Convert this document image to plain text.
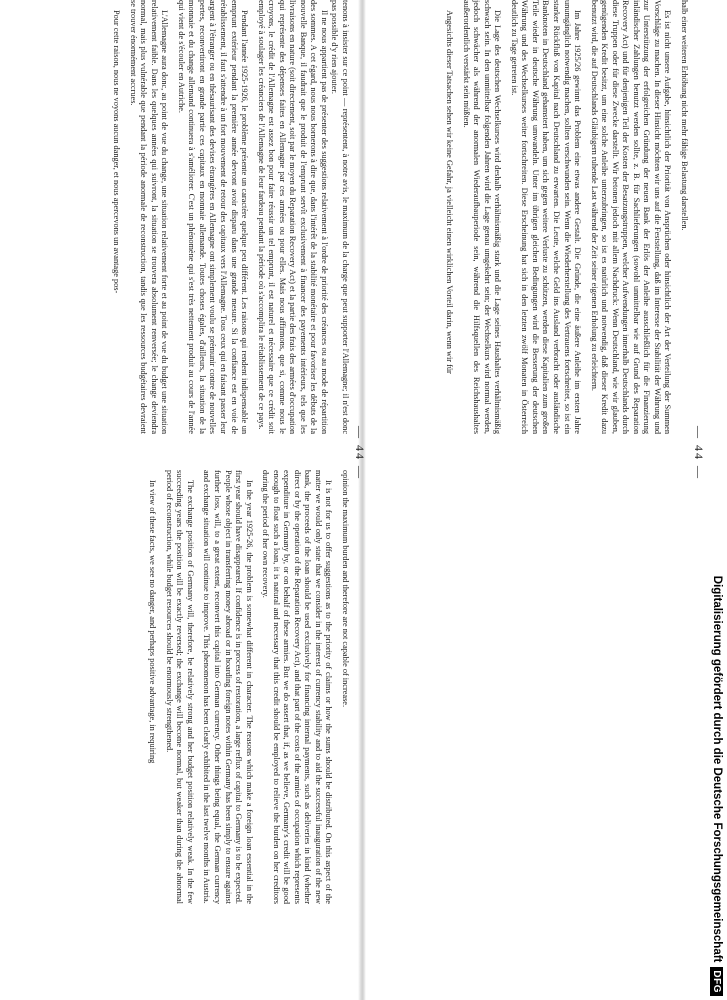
— 44 —

tenons à insister sur ce point — représentent, à notre avis, le maximum de la charge que peut supporter l'Allemagne; il n'est donc pas possible d'y rien ajouter.

Il ne nous appartient pas de présenter des suggestions relativement à l'ordre de priorité des créances ou au mode de répartition des sommes. A cet égard, nous nous bornerons à dire que, dans l'intérêt de la stabilité monétaire et pour favoriser les débuts de la nouvelle Banque, il faudrait que le produit de l'emprunt servît exclusivement à financer des payements intérieurs, tels que les livraisons en nature (soit directement, soit par le moyen du Reparation Recovery Act) et la partie des frais des armées d'occupation qui représente des dépenses faites en Allemagne par ces armées ou pour elles. Mais nous affirmons, que si, comme nous le croyons, le crédit de l'Allemagne est assez bon pour faire réussir un tel emprunt, il est naturel et nécessaire que ce crédit soit employé à soulager les créanciers de l'Allemagne de leur fardeau pendant la période où s'accomplira le rétablissement de ce pays.

Pendant l'année 1925-1926, le problème présente un caractère quelque peu différent. Les raisons qui rendent indispensable un emprunt extérieur pendant la première année devront avoir disparu dans une grande mesure. Si la confiance est en voie de rétablissement, il faut s'attendre à un fort mouvement de retour des capitaux vers l'Allemagne. Tous ceux qui en faisant passer leur argent à l'étranger ou en thésaurisant des devises étrangères en Allemagne ont simplement voulu se prémunir contre de nouvelles pertes, reconvertiront en grande partie ces capitaux en monnaie allemande. Toutes choses égales, d'ailleurs, la situation de la monnaie et du change allemand continuera à s'améliorer. C'est un phénomène qui s'est très nettement produit au cours de l'année qui vient de s'écouler en Autriche.

L'Allemagne aura donc, au point de vue du change, une situation relativement forte et au point de vue du budget une situation relativement faible. Dans les quelques années qui suivront, la situation se trouvera absolument renversée; le change deviendra normal, mais plus vulnérable que pendant la période anormale de reconstruction, tandis que les ressources budgétaires devraient se trouver énormément accrues.

Pour cette raison, nous ne voyons aucun danger, et nous apercevons un avantage pos-

opinion the maximum burden and therefore are not capable of increase.

It is not for us to offer suggestions as to the priority of claims or how the sums should be distributed. On this aspect of the matter we would only state that we consider in the interest of currency stability and to aid the successful inauguration of the new bank, the proceeds of the loan should be used exclusively for financing internal payments, such as deliveries in kind (whether direct or by the operation of the Reparation Recovery Act), and that part of the costs of the armies of occupation which represents expenditure in Germany by, or on behalf of these armies. But we do assert that, if, as we believe, Germany's credit will be good enough to float such a loan, it is natural and necessary that this credit should be employed to relieve the burden on her creditors during the period of her own recovery.

In the year 1925-26, the problem is somewhat different in character. The reasons which make a foreign loan essential in the first year should have disappeared. If confidence is in process of restoration, a large reflux of capital to Germany is to be expected. People whose object in transferring money abroad or in hoarding foreign notes within Germany has been simply to ensure against further loss, will, to a great extent, reconvert this capital into German currency. Other things being equal, the German currency and exchange situation will continue to improve. This phenomenon has been clearly exhibited in the last twelve months in Austria.

The exchange position of Germany will, therefore, be relatively strong and her budget position relatively weak. In the few succeeding years the position will be exactly reversed; the exchange will become normal, but weaker than during the abnormal period of reconstruction, while budget resources should be enormously strengthened.

In view of these facts, we see no danger, and perhaps positive advantage, in requiring

— 44 —

halb einer weiteren Erhöhung nicht mehr fähige Belastung darstellen.

Es ist nicht unsere Aufgabe, hinsichtlich der Priorität von Ansprüchen oder hinsichtlich der Art der Verteilung der Summen Vorschläge zu machen. In dieser Hinsicht möchten wir uns auf die Feststellung, daß im Interesse der Stabilität der Währung und zur Unterstützung der erfolgreichen Gründung der neuen Bank der Erlös der Anleihe ausschließlich für die Finanzierung inländischer Zahlungen benutzt werden sollte, z. B. für Sachlieferungen (sowohl unmittelbar wie auf Grund des Reparation Recovery Act) und für denjenigen Teil der Kosten der Besatzungstruppen, welcher Aufwendungen innerhalb Deutschlands durch diese Truppen oder für diese Zwecke darstellt. Wir betonen jedoch mit allem Nachdruck: Wenn Deutschland, wie wir glauben, genügenden Kredit besitzt, um eine solche Anleihe unterzubringen, so ist es natürlich und notwendig, daß dieser Kredit dazu benutzt wird, die auf Deutschlands Gläubigern ruhende Last während der Zeit seiner eigenen Erholung zu erleichtern.

Im Jahre 1925/26 gewinnt das Problem eine etwas andere Gestalt. Die Gründe, die eine äußere Anleihe im ersten Jahre unumgänglich notwendig machen, sollten verschwunden sein. Wenn die Wiederherstellung des Vertrauens fortschreitet, so ist ein starker Rückfluß von Kapital nach Deutschland zu erwarten. Die Leute, welche Geld ins Ausland verbracht oder ausländische Banknoten in Deutschland gehamstert haben, um sich gegen weitere Verluste zu schützen, werden diese Kapitalien zum großen Teile wieder in deutsche Währung umwandeln. Unter im übrigen gleichen Bedingungen wird die Besserung der deutschen Währung und des Wechselkurses weiter fortschreiten. Diese Erscheinung hat sich in den letzten zwölf Monaten in Österreich deutlich zu Tage getreten ist.

Die Lage des deutschen Wechselkurses wird deshalb verhältnismäßig stark und die Lage seines Haushaltes verhältnismäßig schwach sein. In den unmittelbar folgenden Jahren wird die Lage genau umgekehrt sein; der Wechselkurs wird normal werden, jedoch schwächer als während der anormalen Wiederaufbauperiode sein, während die Hilfsquellen des Reichshaushaltes außerordentlich verstärkt sein müßten.

Angesichts dieser Tatsachen sehen wir keine Gefahr, ja vielleicht einen wirklichen Vorteil darin, wenn wir für

Digitalisierung gefördert durch die Deutsche Forschungsgemeinschaft
DFG
